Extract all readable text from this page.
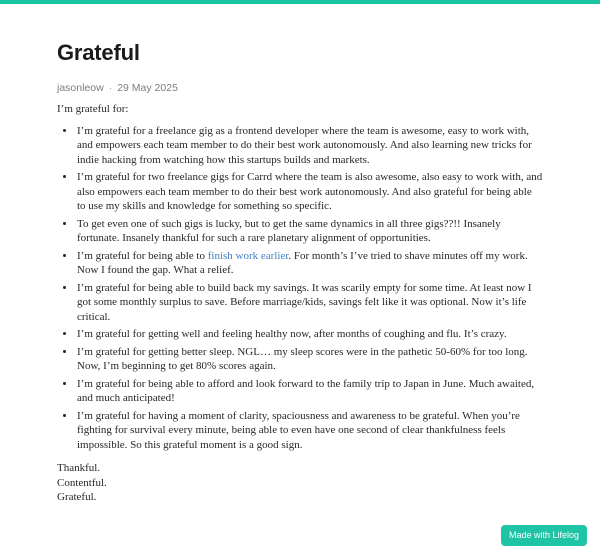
Grateful
jasonleow · 29 May 2025

I’m grateful for:

• I’m grateful for a freelance gig as a frontend developer where the team is awesome, easy to work with, and empowers each team member to do their best work autonomously. And also learning new tricks for indie hacking from watching how this startups builds and markets.
• I’m grateful for two freelance gigs for Carrd where the team is also awesome, also easy to work with, and also empowers each team member to do their best work autonomously. And also grateful for being able to use my skills and knowledge for something so specific.
• To get even one of such gigs is lucky, but to get the same dynamics in all three gigs??!! Insanely fortunate. Insanely thankful for such a rare planetary alignment of opportunities.
• I’m grateful for being able to finish work earlier. For month’s I’ve tried to shave minutes off my work. Now I found the gap. What a relief.
• I’m grateful for being able to build back my savings. It was scarily empty for some time. At least now I got some monthly surplus to save. Before marriage/kids, savings felt like it was optional. Now it’s life critical.
• I’m grateful for getting well and feeling healthy now, after months of coughing and flu. It’s crazy.
• I’m grateful for getting better sleep. NGL… my sleep scores were in the pathetic 50-60% for too long. Now, I’m beginning to get 80% scores again.
• I’m grateful for being able to afford and look forward to the family trip to Japan in June. Much awaited, and much anticipated!
• I’m grateful for having a moment of clarity, spaciousness and awareness to be grateful. When you’re fighting for survival every minute, being able to even have one second of clear thankfulness feels impossible. So this grateful moment is a good sign.

Thankful.
Contentful.
Grateful.

Made with Lifelog
